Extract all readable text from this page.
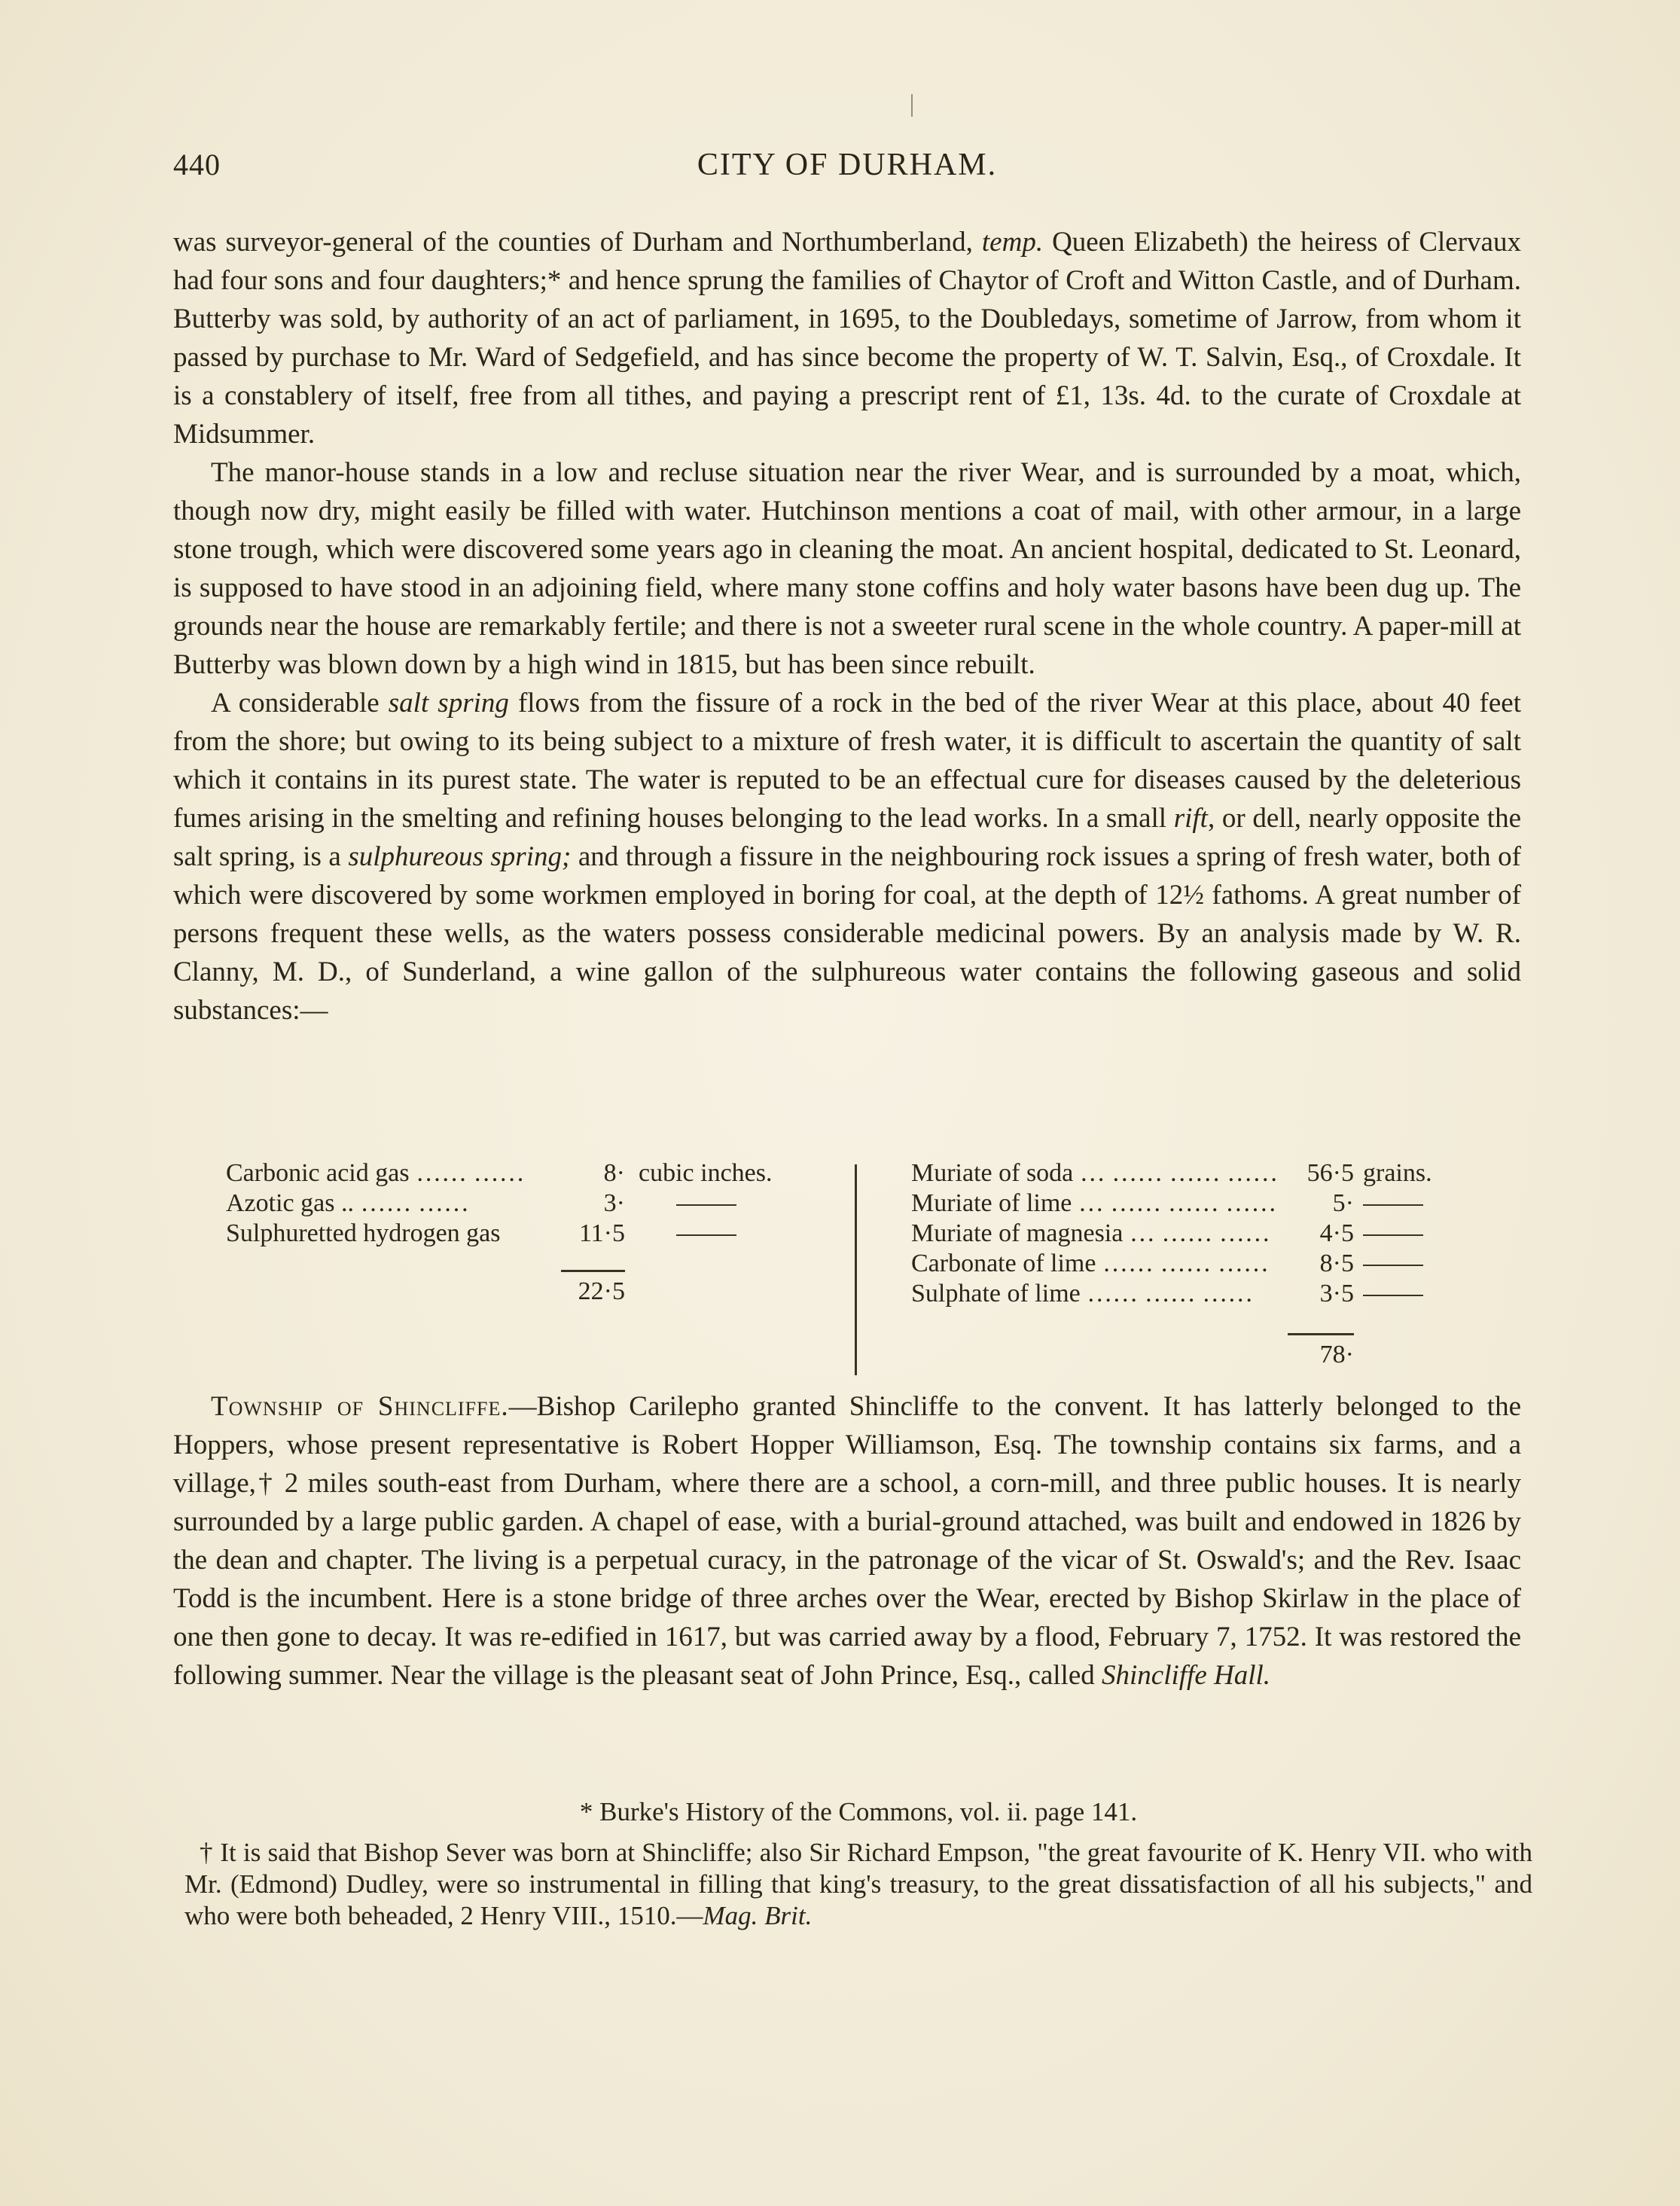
440	CITY OF DURHAM.

was surveyor-general of the counties of Durham and Northumberland, temp. Queen Elizabeth) the heiress of Clervaux had four sons and four daughters;* and hence sprung the families of Chaytor of Croft and Witton Castle, and of Durham. Butterby was sold, by authority of an act of parliament, in 1695, to the Doubledays, sometime of Jarrow, from whom it passed by purchase to Mr. Ward of Sedgefield, and has since become the property of W. T. Salvin, Esq., of Croxdale. It is a constablery of itself, free from all tithes, and paying a prescript rent of £1, 13s. 4d. to the curate of Croxdale at Midsummer.

The manor-house stands in a low and recluse situation near the river Wear, and is surrounded by a moat, which, though now dry, might easily be filled with water. Hutchinson mentions a coat of mail, with other armour, in a large stone trough, which were discovered some years ago in cleaning the moat. An ancient hospital, dedicated to St. Leonard, is supposed to have stood in an adjoining field, where many stone coffins and holy water basons have been dug up. The grounds near the house are remarkably fertile; and there is not a sweeter rural scene in the whole country. A paper-mill at Butterby was blown down by a high wind in 1815, but has been since rebuilt.

A considerable salt spring flows from the fissure of a rock in the bed of the river Wear at this place, about 40 feet from the shore; but owing to its being subject to a mixture of fresh water, it is difficult to ascertain the quantity of salt which it contains in its purest state. The water is reputed to be an effectual cure for diseases caused by the deleterious fumes arising in the smelting and refining houses belonging to the lead works. In a small rift, or dell, nearly opposite the salt spring, is a sulphureous spring; and through a fissure in the neighbouring rock issues a spring of fresh water, both of which were discovered by some workmen employed in boring for coal, at the depth of 12½ fathoms. A great number of persons frequent these wells, as the waters possess considerable medicinal powers. By an analysis made by W. R. Clanny, M. D., of Sunderland, a wine gallon of the sulphureous water contains the following gaseous and solid substances:—

Carbonic acid gas …… ……	8· cubic inches.
Azotic gas .. …… ……	3·
Sulphuretted hydrogen gas	11·5
22·5
Muriate of soda … …… …… ……	56·5 grains.
Muriate of lime … …… …… ……	5·
Muriate of magnesia … …… ……	4·5
Carbonate of lime …… …… ……	8·5
Sulphate of lime …… …… ……	3·5
78·

Township of Shincliffe.—Bishop Carilepho granted Shincliffe to the convent. It has latterly belonged to the Hoppers, whose present representative is Robert Hopper Williamson, Esq. The township contains six farms, and a village,† 2 miles south-east from Durham, where there are a school, a corn-mill, and three public houses. It is nearly surrounded by a large public garden. A chapel of ease, with a burial-ground attached, was built and endowed in 1826 by the dean and chapter. The living is a perpetual curacy, in the patronage of the vicar of St. Oswald's; and the Rev. Isaac Todd is the incumbent. Here is a stone bridge of three arches over the Wear, erected by Bishop Skirlaw in the place of one then gone to decay. It was re-edified in 1617, but was carried away by a flood, February 7, 1752. It was restored the following summer. Near the village is the pleasant seat of John Prince, Esq., called Shincliffe Hall.

* Burke's History of the Commons, vol. ii. page 141.
† It is said that Bishop Sever was born at Shincliffe; also Sir Richard Empson, "the great favourite of K. Henry VII. who with Mr. (Edmond) Dudley, were so instrumental in filling that king's treasury, to the great dissatisfaction of all his subjects," and who were both beheaded, 2 Henry VIII., 1510.—Mag. Brit.
